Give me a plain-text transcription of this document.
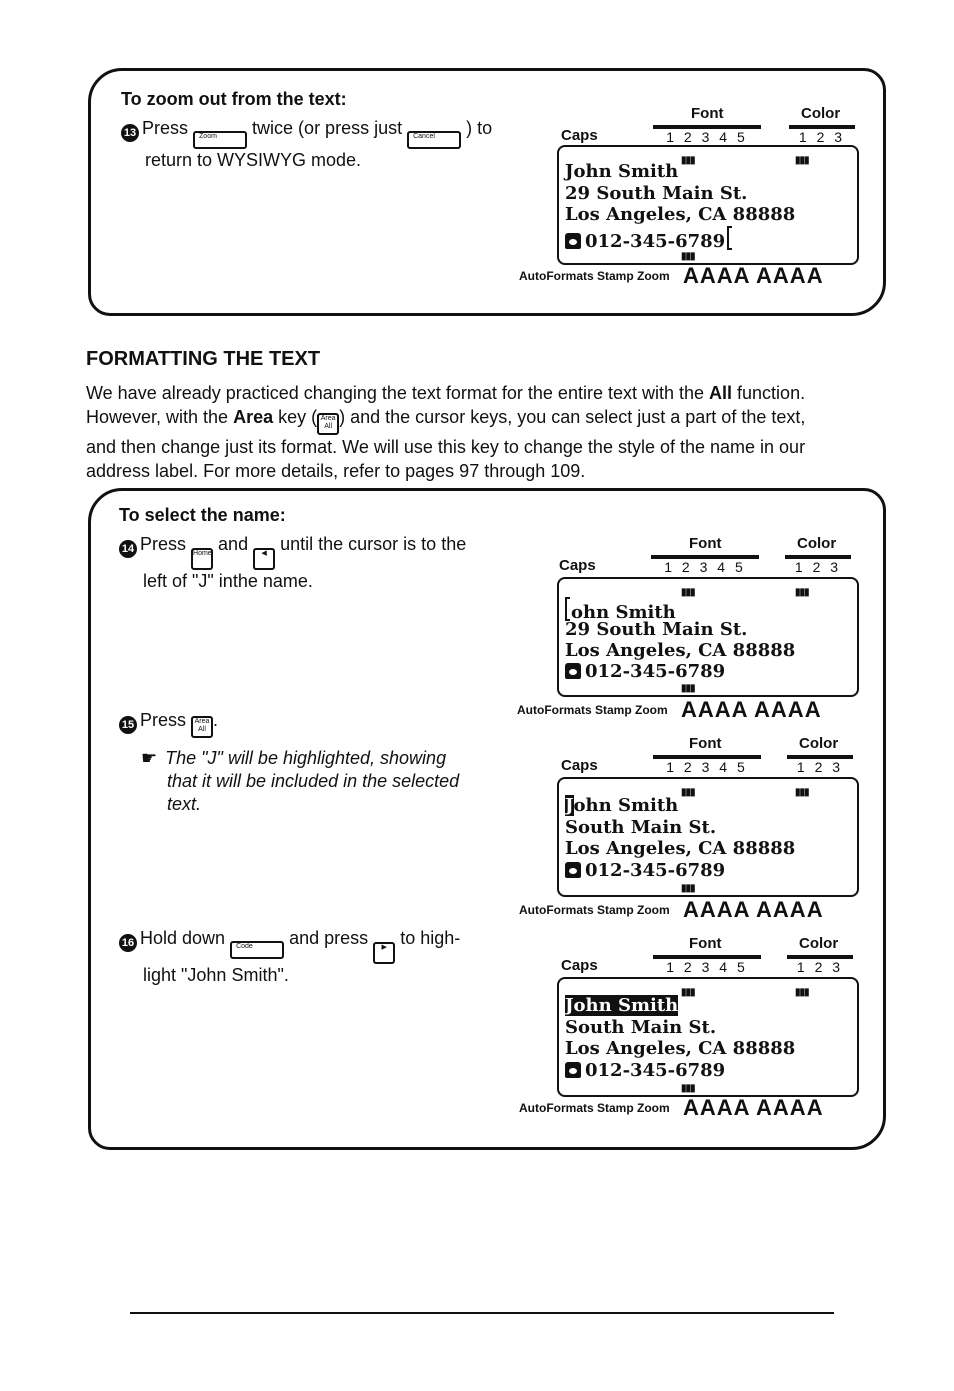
To zoom out from the text:
13 Press Zoom twice (or press just Cancel ) to
return to WYSIWYG mode.
Font	Color
Caps	1 2 3 4 5	1 2 3
▮▮▮	▮▮▮
John Smith
29 South Main St.
Los Angeles, CA 88888
012-345-6789
▮▮▮
AutoFormats Stamp Zoom AAAA AAAA
FORMATTING THE TEXT
We have already practiced changing the text format for the entire text with the All function.
However, with the Area key ( Area All ) and the cursor keys, you can select just a part of the text,
and then change just its format. We will use this key to change the style of the name in our
address label. For more details, refer to pages 97 through 109.
To select the name:
14 Press Home and ◀ until the cursor is to the
left of "J" inthe name.
15 Press Area All .
☛ The "J" will be highlighted, showing
that it will be included in the selected
text.
16 Hold down Code and press ▶ to high-
light "John Smith".
Font	Color
Caps	1 2 3 4 5	1 2 3
▮▮▮	▮▮▮
ohn Smith
29 South Main St.
Los Angeles, CA 88888
012-345-6789
▮▮▮
AutoFormats Stamp Zoom AAAA AAAA
Font	Color
Caps	1 2 3 4 5	1 2 3
▮▮▮	▮▮▮
John Smith
South Main St.
Los Angeles, CA 88888
012-345-6789
▮▮▮
AutoFormats Stamp Zoom AAAA AAAA
Font	Color
Caps	1 2 3 4 5	1 2 3
▮▮▮	▮▮▮
John Smith
South Main St.
Los Angeles, CA 88888
012-345-6789
▮▮▮
AutoFormats Stamp Zoom AAAA AAAA
